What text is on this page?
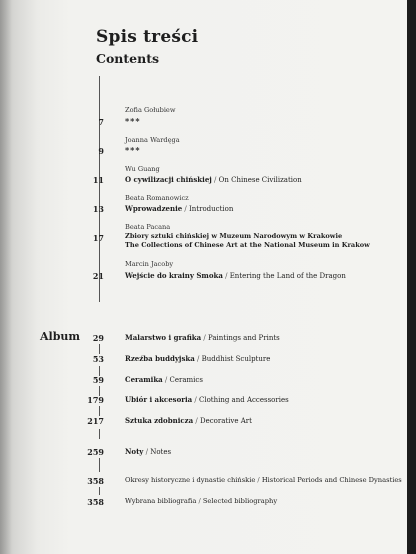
Spis treści
Contents
Zofia Gołubiew
7	***
Joanna Wardęga
9	***
Wu Guang
11	O cywilizacji chińskiej / On Chinese Civilization
Beata Romanowicz
13	Wprowadzenie / Introduction
Beata Pacana
17	Zbiory sztuki chińskiej w Muzeum Narodowym w Krakowie
The Collections of Chinese Art at the National Museum in Krakow
Marcin Jacoby
21	Wejście do krainy Smoka / Entering the Land of the Dragon
Album	29	Malarstwo i grafika / Paintings and Prints
53	Rzeźba buddyjska / Buddhist Sculpture
59	Ceramika / Ceramics
179	Ubiór i akcesoria / Clothing and Accessories
217	Sztuka zdobnicza / Decorative Art
259	Noty / Notes
358	Okresy historyczne i dynastie chińskie / Historical Periods and Chinese Dynasties
358	Wybrana bibliografia / Selected bibliography
